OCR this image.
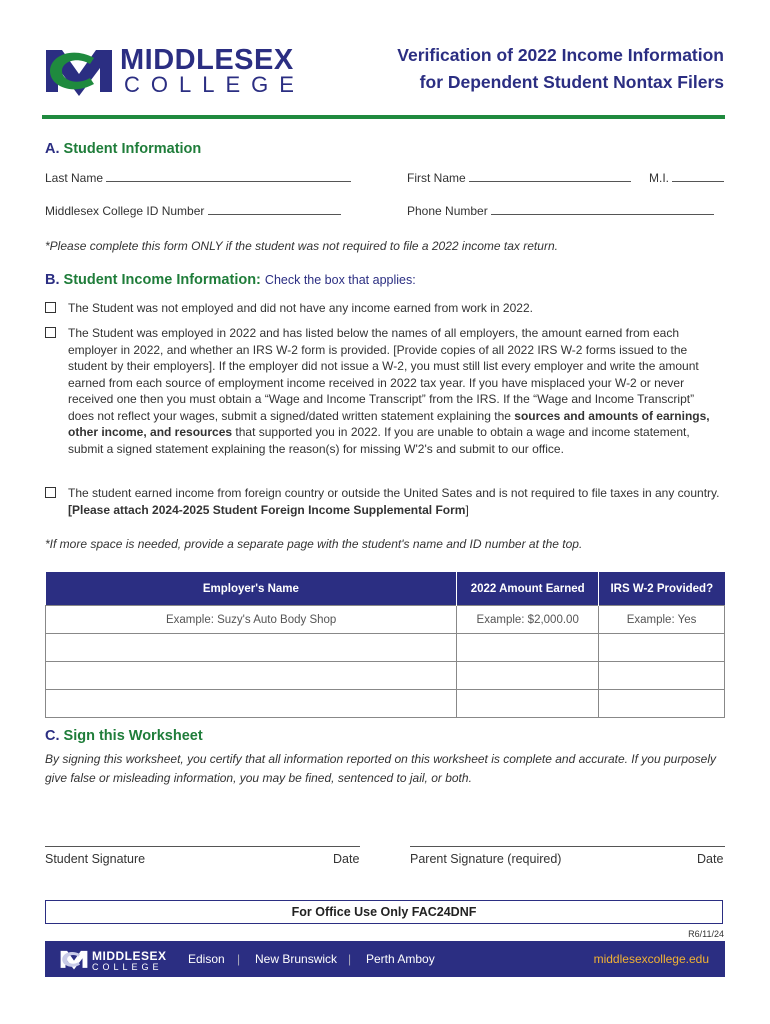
MIDDLESEX
COLLEGE
Verification of 2022 Income Information
for Dependent Student Nontax Filers
A. Student Information
Last Name	First Name	M.I.
Middlesex College ID Number	Phone Number
*Please complete this form ONLY if the student was not required to file a 2022 income tax return.
B. Student Income Information: Check the box that applies:
The Student was not employed and did not have any income earned from work in 2022.
The Student was employed in 2022 and has listed below the names of all employers, the amount earned from each employer in 2022, and whether an IRS W-2 form is provided. [Provide copies of all 2022 IRS W-2 forms issued to the student by their employers]. If the employer did not issue a W-2, you must still list every employer and write the amount earned from each source of employment income received in 2022 tax year. If you have misplaced your W-2 or never received one then you must obtain a “Wage and Income Transcript” from the IRS. If the “Wage and Income Transcript” does not reflect your wages, submit a signed/dated written statement explaining the sources and amounts of earnings, other income, and resources that supported you in 2022. If you are unable to obtain a wage and income statement, submit a signed statement explaining the reason(s) for missing W'2's and submit to our office.
The student earned income from foreign country or outside the United Sates and is not required to file taxes in any country. [Please attach 2024-2025 Student Foreign Income Supplemental Form]
*If more space is needed, provide a separate page with the student's name and ID number at the top.
Employer's Name	2022 Amount Earned	IRS W-2 Provided?
Example: Suzy's Auto Body Shop	Example: $2,000.00	Example: Yes

C. Sign this Worksheet
By signing this worksheet, you certify that all information reported on this worksheet is complete and accurate. If you purposely give false or misleading information, you may be fined, sentenced to jail, or both.
Student Signature	Date	Parent Signature (required)	Date
For Office Use Only FAC24DNF
R6/11/24
MIDDLESEX
COLLEGE
Edison | New Brunswick | Perth Amboy	middlesexcollege.edu
